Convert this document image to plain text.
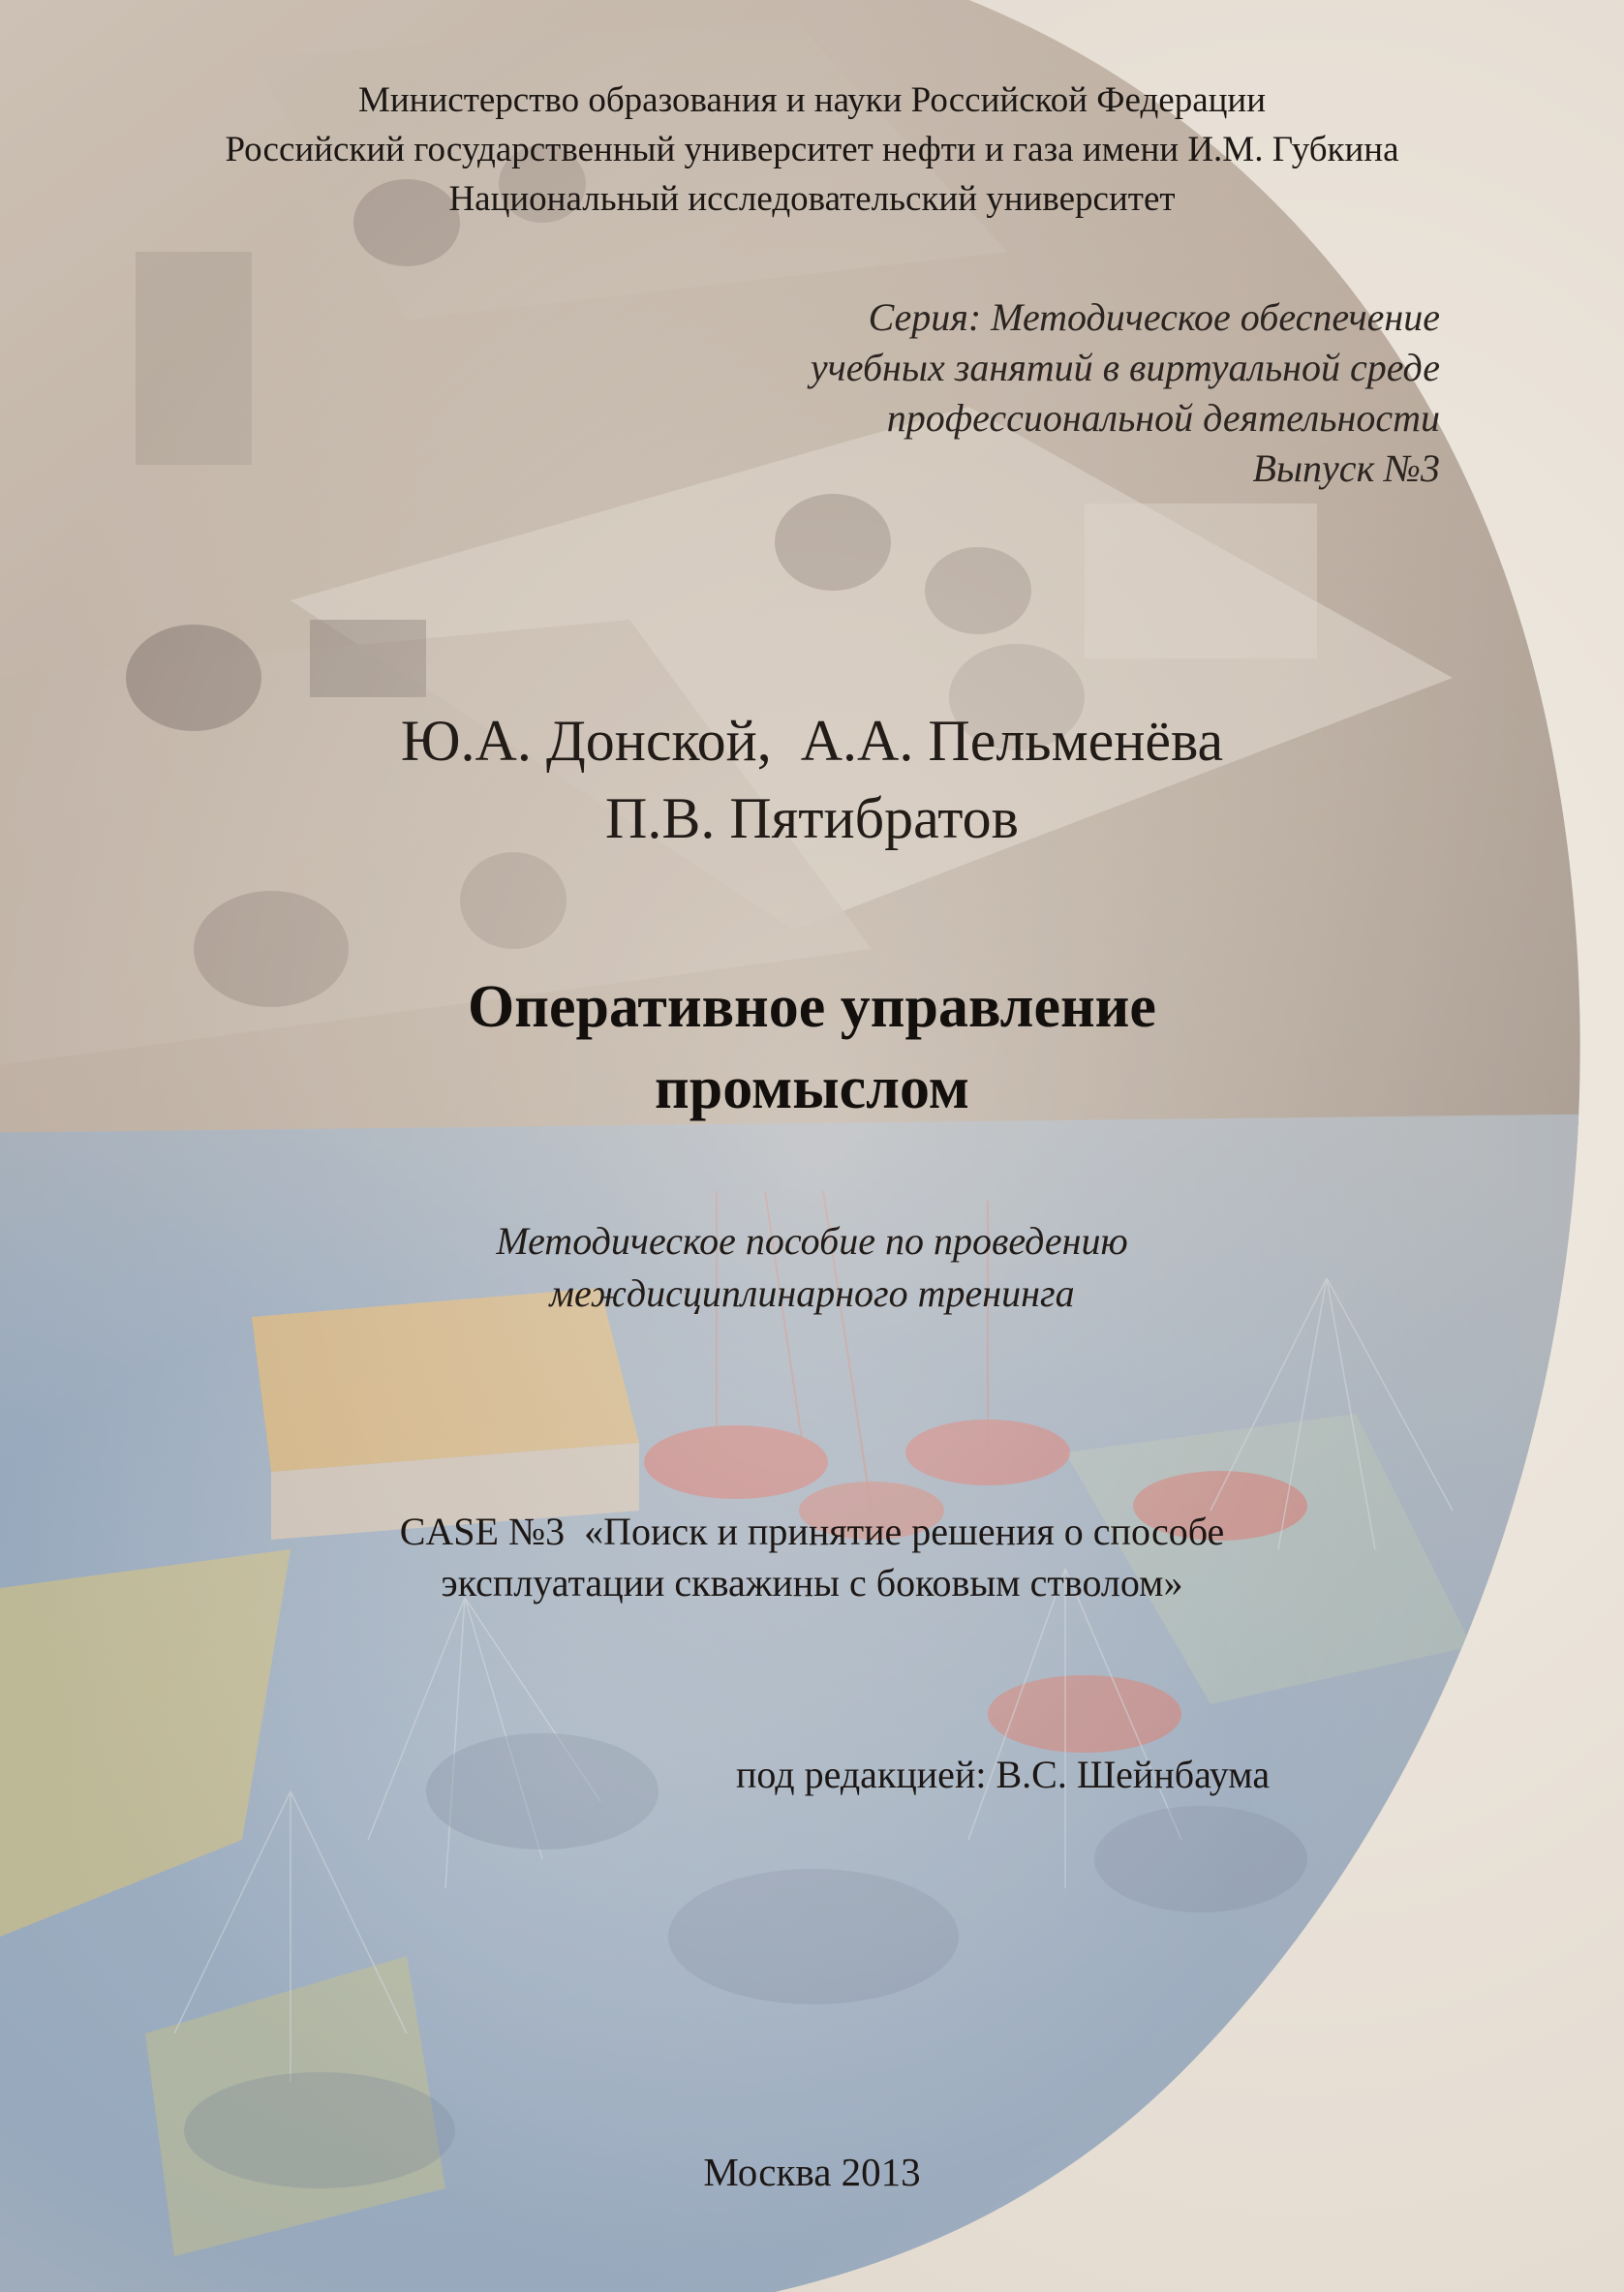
Министерство образования и науки Российской Федерации
Российский государственный университет нефти и газа имени И.М. Губкина
Национальный исследовательский университет
Серия: Методическое обеспечение
учебных занятий в виртуальной среде
профессиональной деятельности
Выпуск №3
Ю.А. Донской,  А.А. Пельменёва
П.В. Пятибратов
Оперативное управление
промыслом
Методическое пособие по проведению
междисциплинарного тренинга
CASE №3  «Поиск и принятие решения о способе
эксплуатации скважины с боковым стволом»
под редакцией: В.С. Шейнбаума
Москва 2013
